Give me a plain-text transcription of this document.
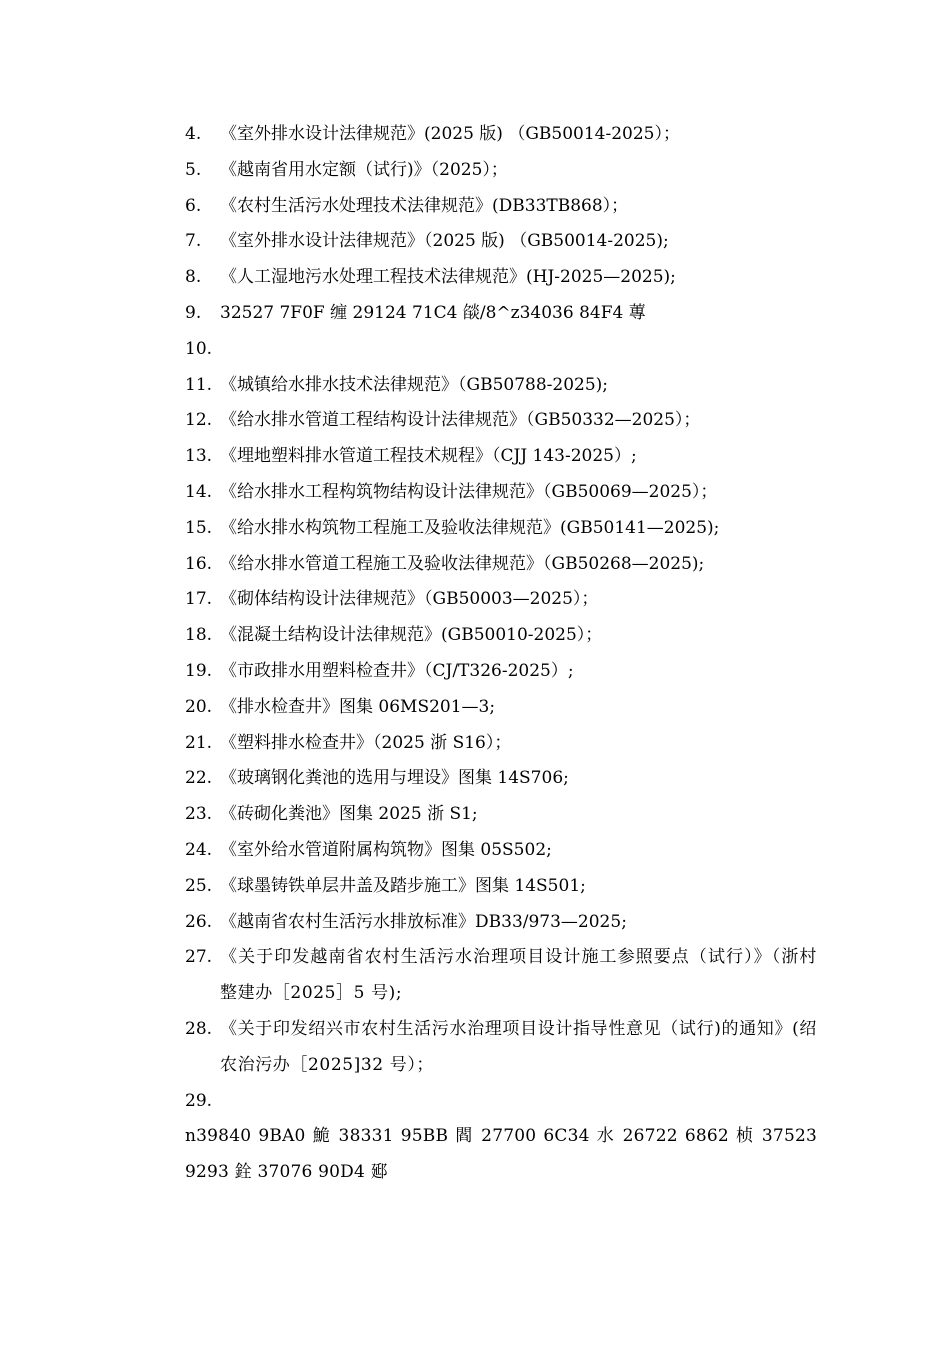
4.	《室外排水设计法律规范》(2025 版) （GB50014-2025）；
5.	《越南省用水定额（试行)》（2025）；
6.	《农村生活污水处理技术法律规范》(DB33TB868）；
7.	《室外排水设计法律规范》（2025 版) （GB50014-2025);
8.	《人工湿地污水处理工程技术法律规范》(HJ-2025—2025);
9.	32527 7F0F 缠 29124 71C4 燄/8^z34036 84F4 蓴
10.
11. 《城镇给水排水技术法律规范》（GB50788-2025);
12. 《给水排水管道工程结构设计法律规范》（GB50332—2025）；
13. 《埋地塑料排水管道工程技术规程》（CJJ 143-2025）;
14. 《给水排水工程构筑物结构设计法律规范》（GB50069—2025）；
15. 《给水排水构筑物工程施工及验收法律规范》(GB50141—2025);
16. 《给水排水管道工程施工及验收法律规范》（GB50268—2025);
17. 《砌体结构设计法律规范》（GB50003—2025）；
18. 《混凝土结构设计法律规范》(GB50010-2025）；
19. 《市政排水用塑料检查井》（CJ/T326-2025）;
20. 《排水检查井》图集 06MS201—3;
21. 《塑料排水检查井》（2025 浙 S16）；
22. 《玻璃钢化粪池的选用与埋设》图集 14S706;
23. 《砖砌化粪池》图集 2025 浙 S1;
24. 《室外给水管道附属构筑物》图集 05S502;
25. 《球墨铸铁单层井盖及踏步施工》图集 14S501;
26. 《越南省农村生活污水排放标准》DB33/973—2025;
27. 《关于印发越南省农村生活污水治理项目设计施工参照要点（试行）》（浙村整建办［2025］5 号);
28. 《关于印发绍兴市农村生活污水治理项目设计指导性意见（试行)的通知》(绍农治污办［2025]32 号）；
29.
n39840 9BA0 鮠 38331 95BB 閻 27700 6C34 水 26722 6862 桢 37523 9293 銓 37076 90D4 郔
